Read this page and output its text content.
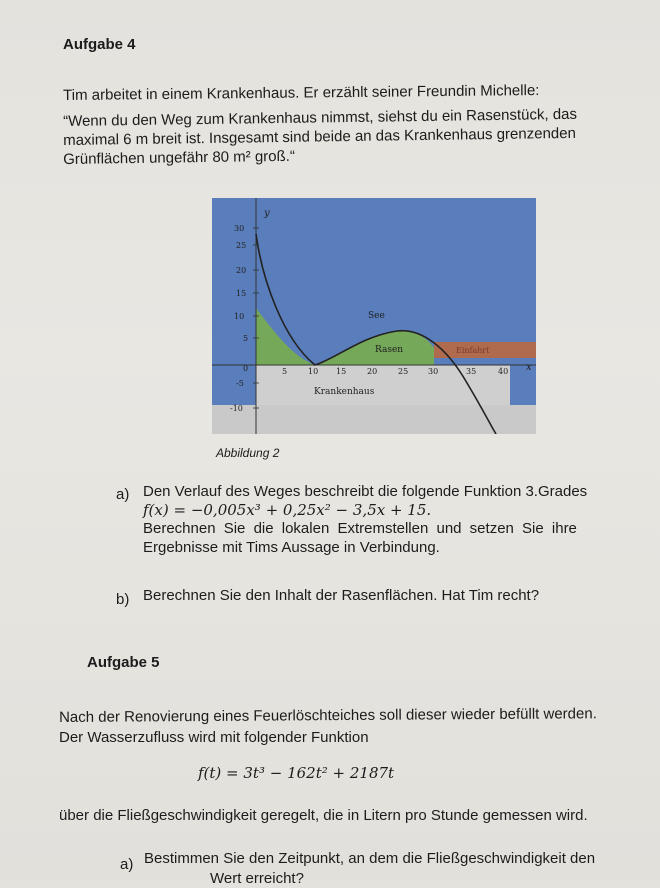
Aufgabe 4
Tim arbeitet in einem Krankenhaus. Er erzählt seiner Freundin Michelle:
“Wenn du den Weg zum Krankenhaus nimmst, siehst du ein Rasenstück, das
maximal 6 m breit ist. Insgesamt sind beide an das Krankenhaus grenzenden
Grünflächen ungefähr 80 m² groß.“
30
25
20
15
10
5
0
-5
-10
y
x
5	10 15	20	25 30	35	40
See
Rasen
Krankenhaus
Einfahrt
Abbildung 2
a) Den Verlauf des Weges beschreibt die folgende Funktion 3.Grades
f(x) = −0,005x³ + 0,25x² − 3,5x + 15.
Berechnen Sie die lokalen Extremstellen und setzen Sie ihre
Ergebnisse mit Tims Aussage in Verbindung.
b) Berechnen Sie den Inhalt der Rasenflächen. Hat Tim recht?
Aufgabe 5
Nach der Renovierung eines Feuerlöschteiches soll dieser wieder befüllt werden.
Der Wasserzufluss wird mit folgender Funktion
f(t) = 3t³ − 162t² + 2187t
über die Fließgeschwindigkeit geregelt, die in Litern pro Stunde gemessen wird.
a) Bestimmen Sie den Zeitpunkt, an dem die Fließgeschwindigkeit den
Wert erreicht?
